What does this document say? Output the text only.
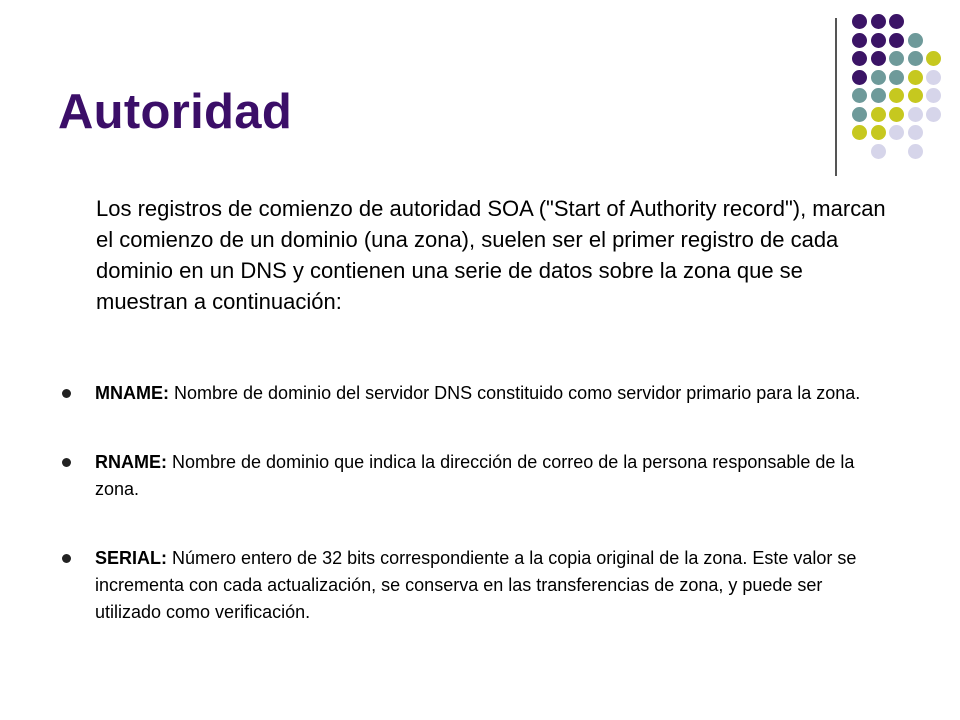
Autoridad

Los registros de comienzo de autoridad SOA ("Start of Authority record"), marcan el comienzo de un dominio (una zona), suelen ser el primer registro de cada dominio en un DNS y contienen una serie de datos sobre la zona que se muestran a continuación:

MNAME: Nombre de dominio del servidor DNS constituido como servidor primario para la zona.
RNAME: Nombre de dominio que indica la dirección de correo de la persona responsable de la zona.
SERIAL: Número entero de 32 bits correspondiente a la copia original de la zona. Este valor se incrementa con cada actualización, se conserva en las transferencias de zona, y puede ser utilizado como verificación.
